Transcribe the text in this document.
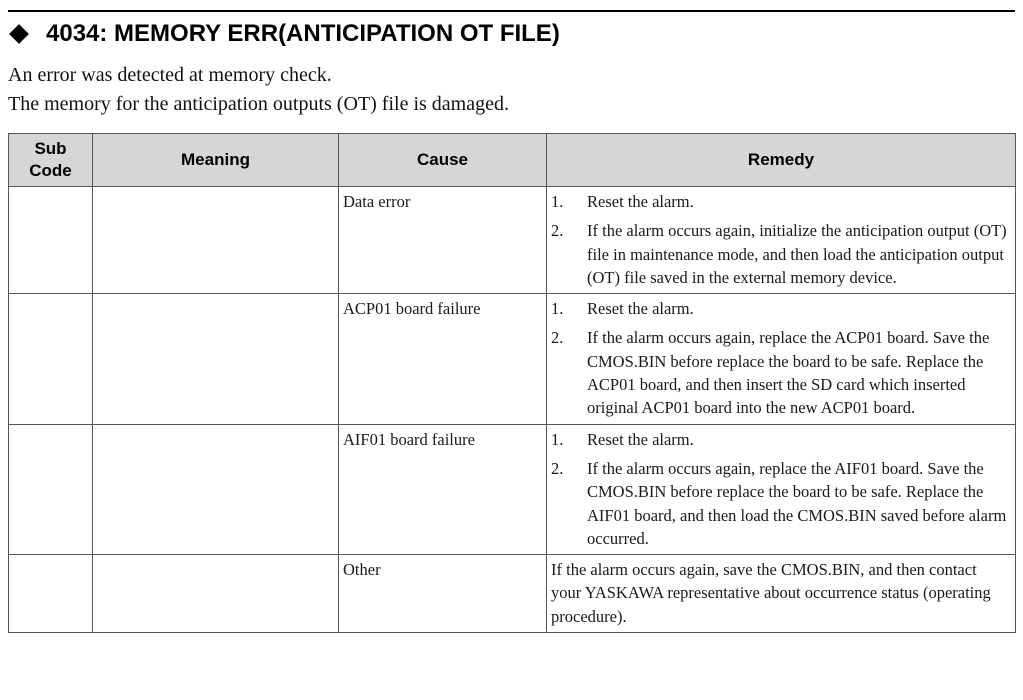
4034: MEMORY ERR(ANTICIPATION OT FILE)

An error was detected at memory check.

The memory for the anticipation outputs (OT) file is damaged.

Sub Code	Meaning	Cause	Remedy
		Data error	1. Reset the alarm.
2. If the alarm occurs again, initialize the anticipation output (OT) file in maintenance mode, and then load the anticipation output (OT) file saved in the external memory device.

		ACP01 board failure	1. Reset the alarm.
2. If the alarm occurs again, replace the ACP01 board. Save the CMOS.BIN before replace the board to be safe. Replace the ACP01 board, and then insert the SD card which inserted original ACP01 board into the new ACP01 board.

		AIF01 board failure	1. Reset the alarm.
2. If the alarm occurs again, replace the AIF01 board. Save the CMOS.BIN before replace the board to be safe. Replace the AIF01 board, and then load the CMOS.BIN saved before alarm occurred.

		Other	If the alarm occurs again, save the CMOS.BIN, and then contact your YASKAWA representative about occurrence status (operating procedure).
